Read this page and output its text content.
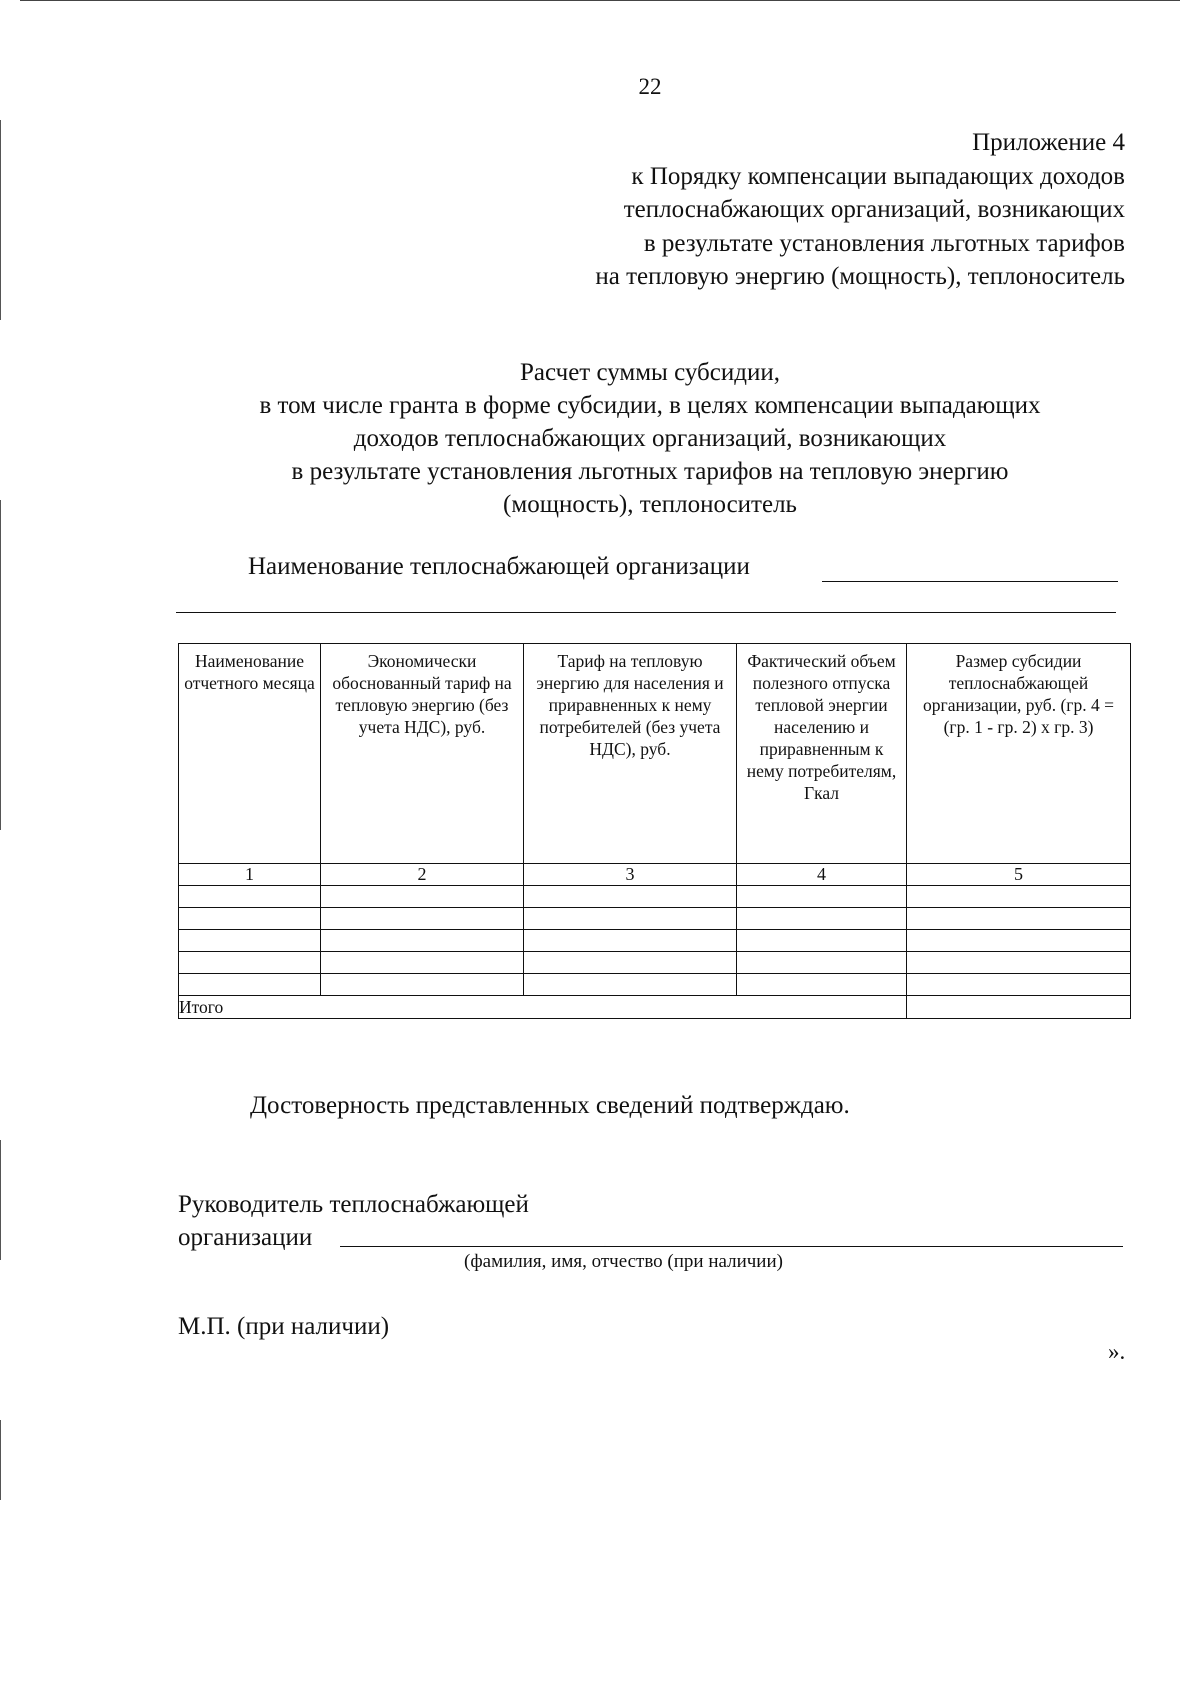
22
Приложение 4
к Порядку компенсации выпадающих доходов
теплоснабжающих организаций, возникающих
в результате установления льготных тарифов
на тепловую энергию (мощность), теплоноситель
Расчет суммы субсидии,
в том числе гранта в форме субсидии, в целях компенсации выпадающих
доходов теплоснабжающих организаций, возникающих
в результате установления льготных тарифов на тепловую энергию
(мощность), теплоноситель
Наименование теплоснабжающей организации
Наименование отчетного месяца	Экономически обоснованный тариф на тепловую энергию (без учета НДС), руб.	Тариф на тепловую энергию для населения и приравненных к нему потребителей (без учета НДС), руб.	Фактический объем полезного отпуска тепловой энергии населению и приравненным к нему потребителям, Гкал	Размер субсидии теплоснабжающей организации, руб. (гр. 4 = (гр. 1 - гр. 2) x гр. 3)
1	2	3	4	5

Итого				
Достоверность представленных сведений подтверждаю.
Руководитель теплоснабжающей
организации
(фамилия, имя, отчество (при наличии)
М.П. (при наличии)
».
